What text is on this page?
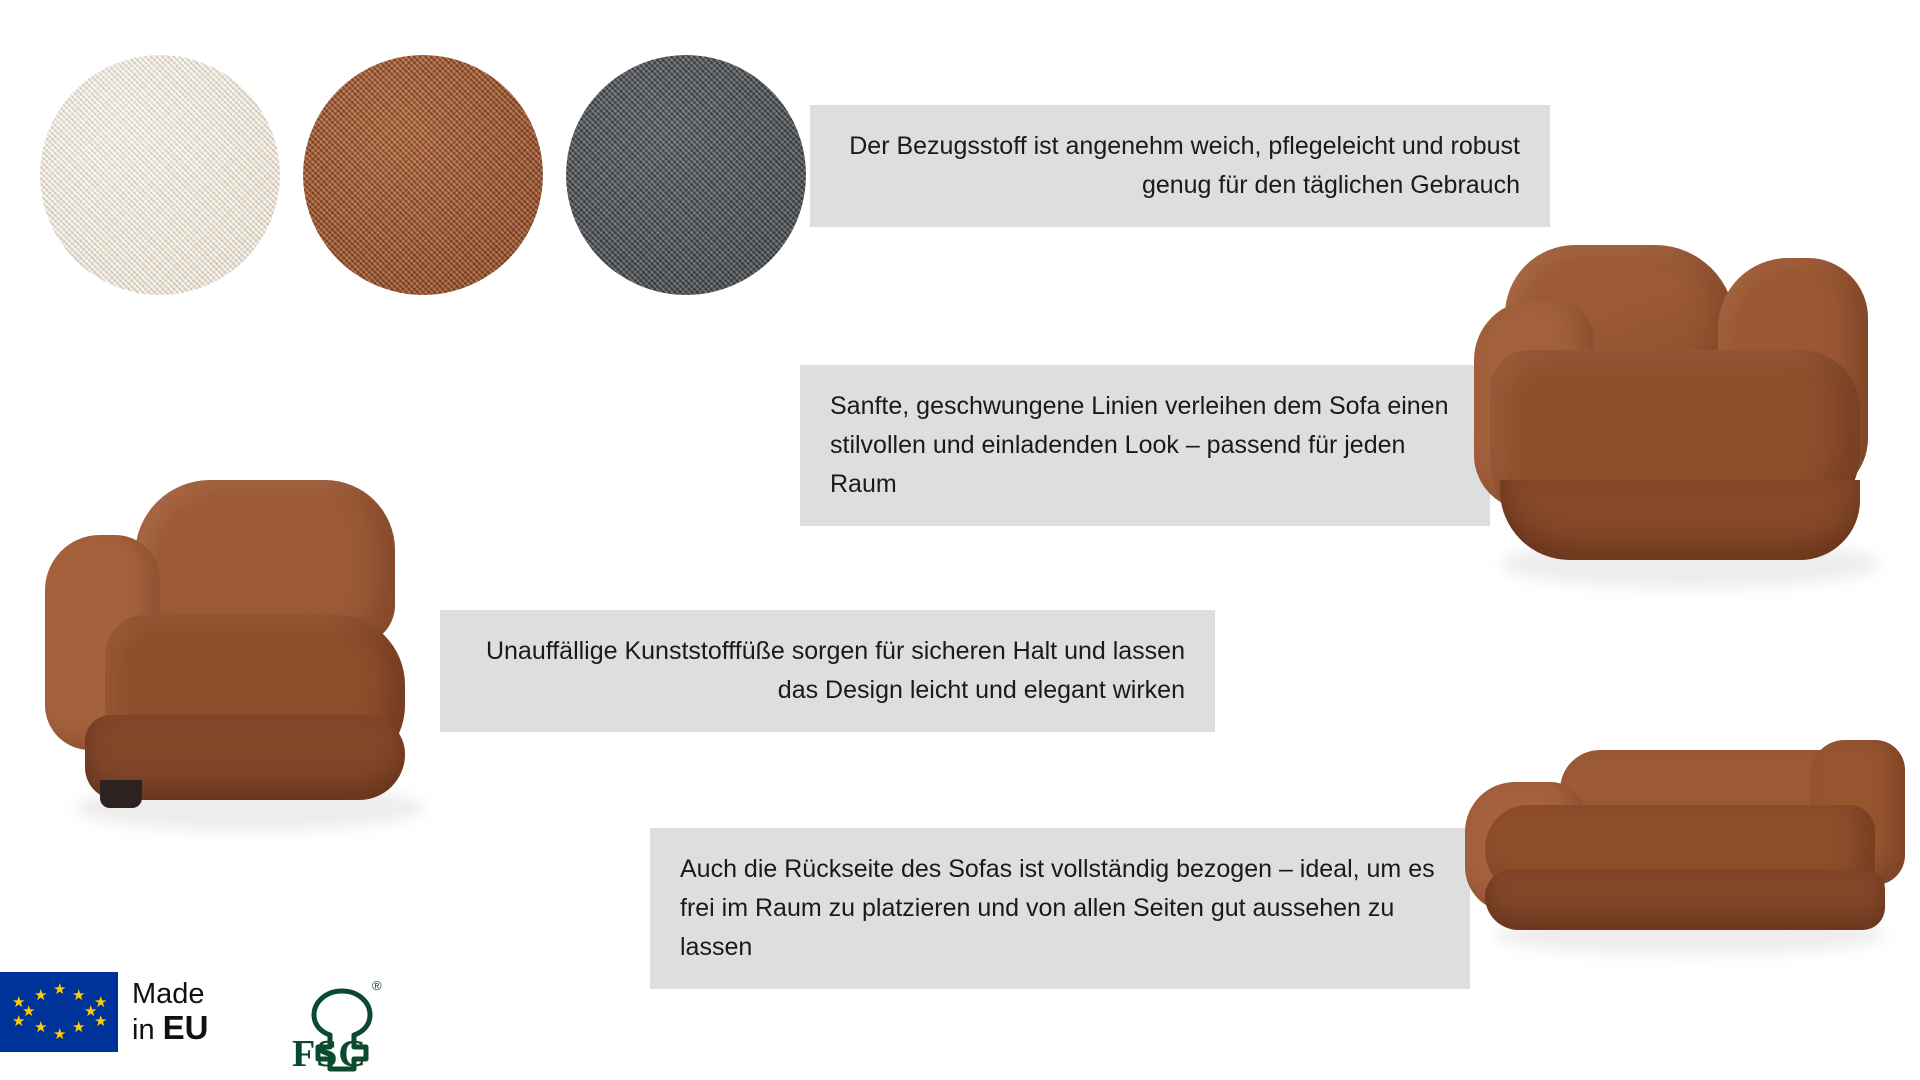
Der Bezugsstoff ist angenehm weich, pflegeleicht und robust genug für den täglichen Gebrauch
Sanfte, geschwungene Linien verleihen dem Sofa einen stilvollen und einladenden Look – passend für jeden Raum
Unauffällige Kunststofffüße sorgen für sicheren Halt und lassen das Design leicht und elegant wirken
Auch die Rückseite des Sofas ist vollständig bezogen – ideal, um es frei im Raum zu platzieren und von allen Seiten gut aussehen zu lassen
★ ★
★
★
★
★
★
★
★
★
★
★
Made
in EU
FSC
®
